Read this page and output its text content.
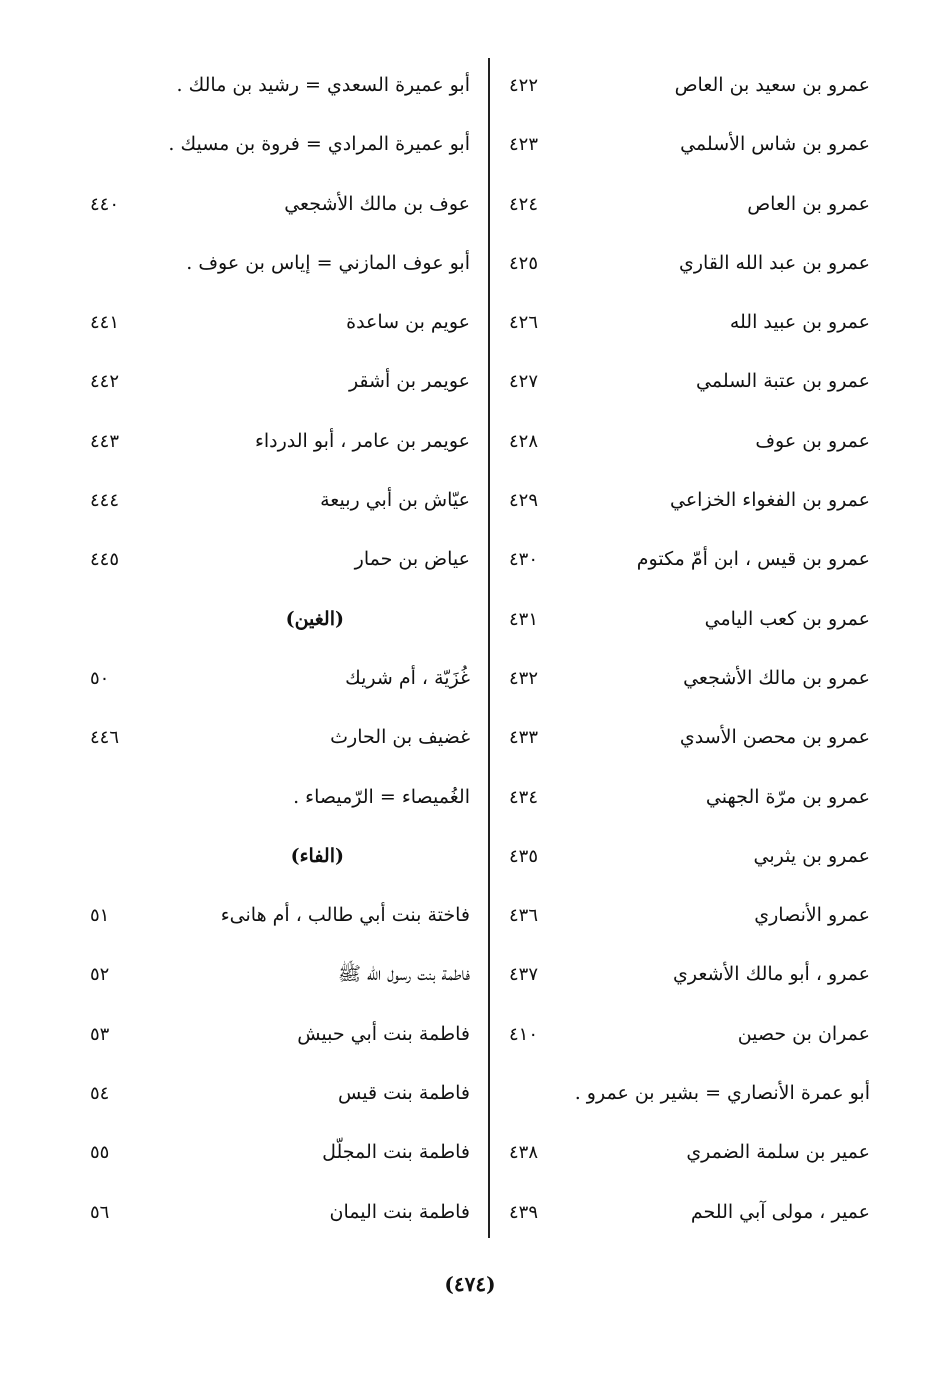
عمرو بن سعيد بن العاص
٤٢٢
عمرو بن شاس الأسلمي
٤٢٣
عمرو بن العاص
٤٢٤
عمرو بن عبد الله القاري
٤٢٥
عمرو بن عبيد الله
٤٢٦
عمرو بن عتبة السلمي
٤٢٧
عمرو بن عوف
٤٢٨
عمرو بن الفغواء الخزاعي
٤٢٩
عمرو بن قيس ، ابن أمّ مكتوم
٤٣٠
عمرو بن كعب اليامي
٤٣١
عمرو بن مالك الأشجعي
٤٣٢
عمرو بن محصن الأسدي
٤٣٣
عمرو بن مرّة الجهني
٤٣٤
عمرو بن يثربي
٤٣٥
عمرو الأنصاري
٤٣٦
عمرو ، أبو مالك الأشعري
٤٣٧
عمران بن حصين
٤١٠
أبو عمرة الأنصاري = بشير بن عمرو .
عمير بن سلمة الضمري
٤٣٨
عمير ، مولى آبي اللحم
٤٣٩
أبو عميرة السعدي = رشيد بن مالك .
أبو عميرة المرادي = فروة بن مسيك .
عوف بن مالك الأشجعي
٤٤٠
أبو عوف المازني = إياس بن عوف .
عويم بن ساعدة
٤٤١
عويمر بن أشقر
٤٤٢
عويمر بن عامر ، أبو الدرداء
٤٤٣
عيّاش بن أبي ربيعة
٤٤٤
عياض بن حمار
٤٤٥
(الغين)
غُزَيّة ، أم شريك
٥٠
غضيف بن الحارث
٤٤٦
الغُميصاء = الرّميصاء .
(الفاء)
فاختة بنت أبي طالب ، أم هانىء
٥١
فاطمة بنت رسول الله ﷺ
٥٢
فاطمة بنت أبي حبيش
٥٣
فاطمة بنت قيس
٥٤
فاطمة بنت المجلّل
٥٥
فاطمة بنت اليمان
٥٦
(٤٧٤)
